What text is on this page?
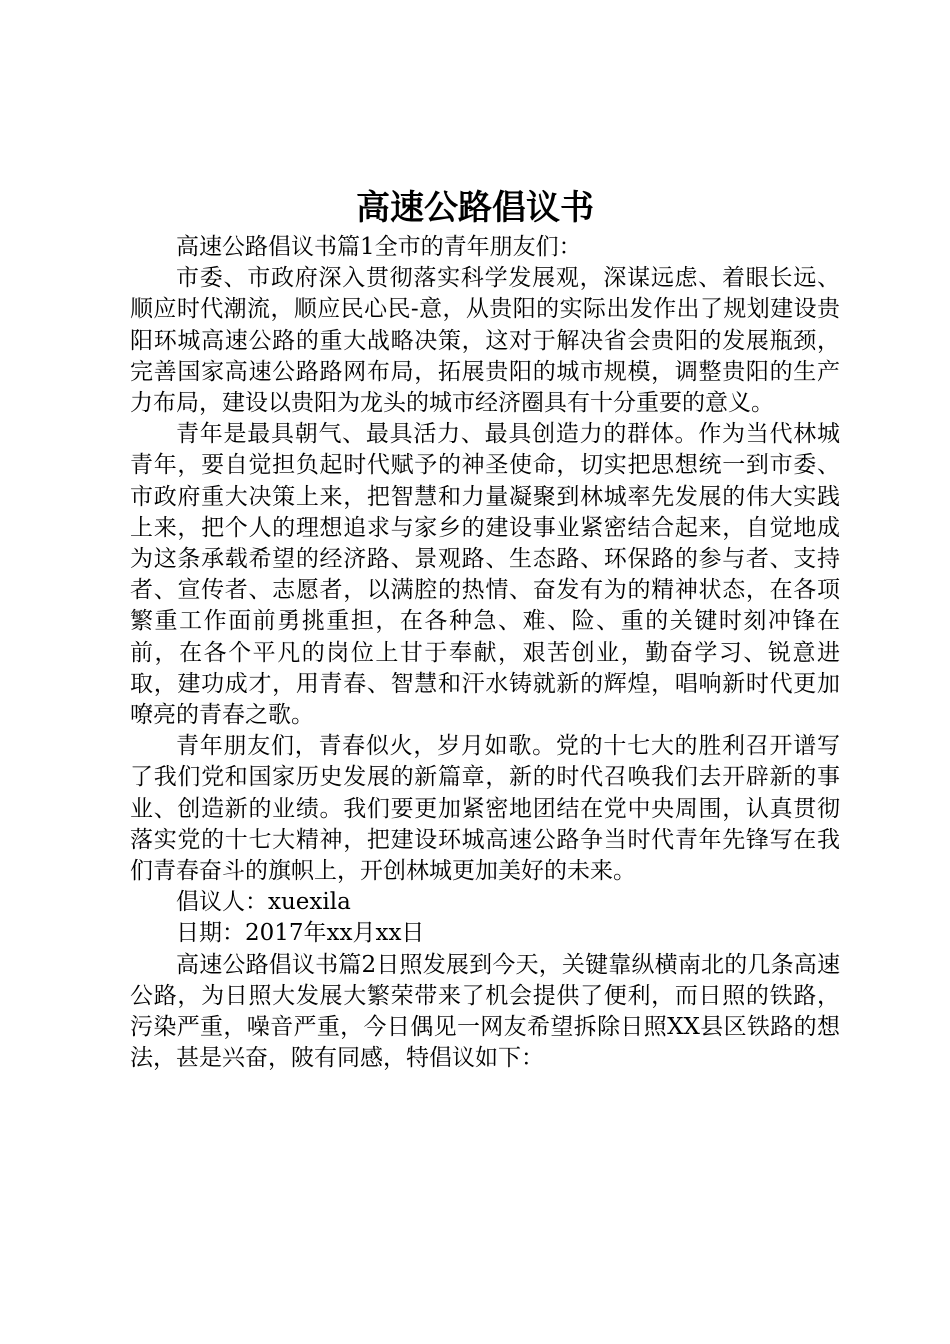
高速公路倡议书

高速公路倡议书篇1全市的青年朋友们：

市委、市政府深入贯彻落实科学发展观，深谋远虑、着眼长远、顺应时代潮流，顺应民心民-意，从贵阳的实际出发作出了规划建设贵阳环城高速公路的重大战略决策，这对于解决省会贵阳的发展瓶颈，完善国家高速公路路网布局，拓展贵阳的城市规模，调整贵阳的生产力布局，建设以贵阳为龙头的城市经济圈具有十分重要的意义。

青年是最具朝气、最具活力、最具创造力的群体。作为当代林城青年，要自觉担负起时代赋予的神圣使命，切实把思想统一到市委、市政府重大决策上来，把智慧和力量凝聚到林城率先发展的伟大实践上来，把个人的理想追求与家乡的建设事业紧密结合起来，自觉地成为这条承载希望的经济路、景观路、生态路、环保路的参与者、支持者、宣传者、志愿者，以满腔的热情、奋发有为的精神状态，在各项繁重工作面前勇挑重担，在各种急、难、险、重的关键时刻冲锋在前，在各个平凡的岗位上甘于奉献，艰苦创业，勤奋学习、锐意进取，建功成才，用青春、智慧和汗水铸就新的辉煌，唱响新时代更加嘹亮的青春之歌。

青年朋友们，青春似火，岁月如歌。党的十七大的胜利召开谱写了我们党和国家历史发展的新篇章，新的时代召唤我们去开辟新的事业、创造新的业绩。我们要更加紧密地团结在党中央周围，认真贯彻落实党的十七大精神，把建设环城高速公路争当时代青年先锋写在我们青春奋斗的旗帜上，开创林城更加美好的未来。

倡议人：xuexila

日期：2017年xx月xx日

高速公路倡议书篇2日照发展到今天，关键靠纵横南北的几条高速公路，为日照大发展大繁荣带来了机会提供了便利，而日照的铁路，污染严重，噪音严重，今日偶见一网友希望拆除日照XX县区铁路的想法，甚是兴奋，陂有同感，特倡议如下：
